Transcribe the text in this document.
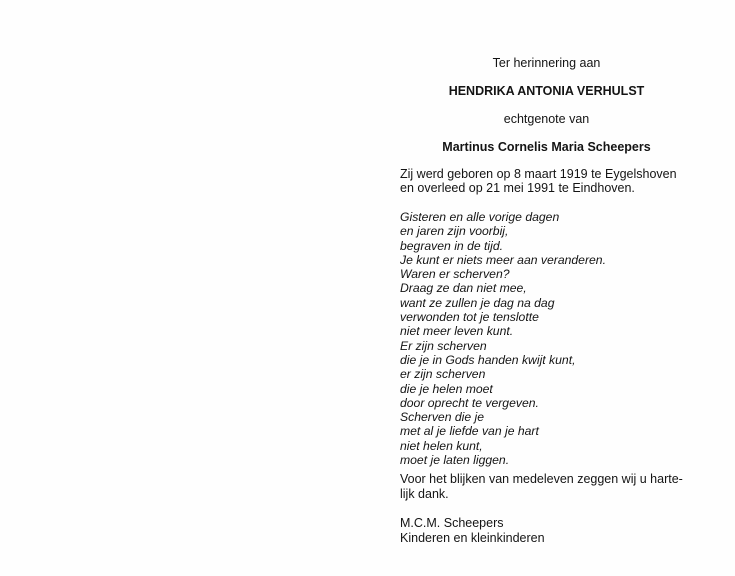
Ter herinnering aan
HENDRIKA ANTONIA VERHULST
echtgenote van
Martinus Cornelis Maria Scheepers
Zij werd geboren op 8 maart 1919 te Eygelshoven
en overleed op 21 mei 1991 te Eindhoven.
Gisteren en alle vorige dagen
en jaren zijn voorbij,
begraven in de tijd.
Je kunt er niets meer aan veranderen.
Waren er scherven?
Draag ze dan niet mee,
want ze zullen je dag na dag
verwonden tot je tenslotte
niet meer leven kunt.
Er zijn scherven
die je in Gods handen kwijt kunt,
er zijn scherven
die je helen moet
door oprecht te vergeven.
Scherven die je
met al je liefde van je hart
niet helen kunt,
moet je laten liggen.
Voor het blijken van medeleven zeggen wij u harte-
lijk dank.
M.C.M. Scheepers
Kinderen en kleinkinderen
